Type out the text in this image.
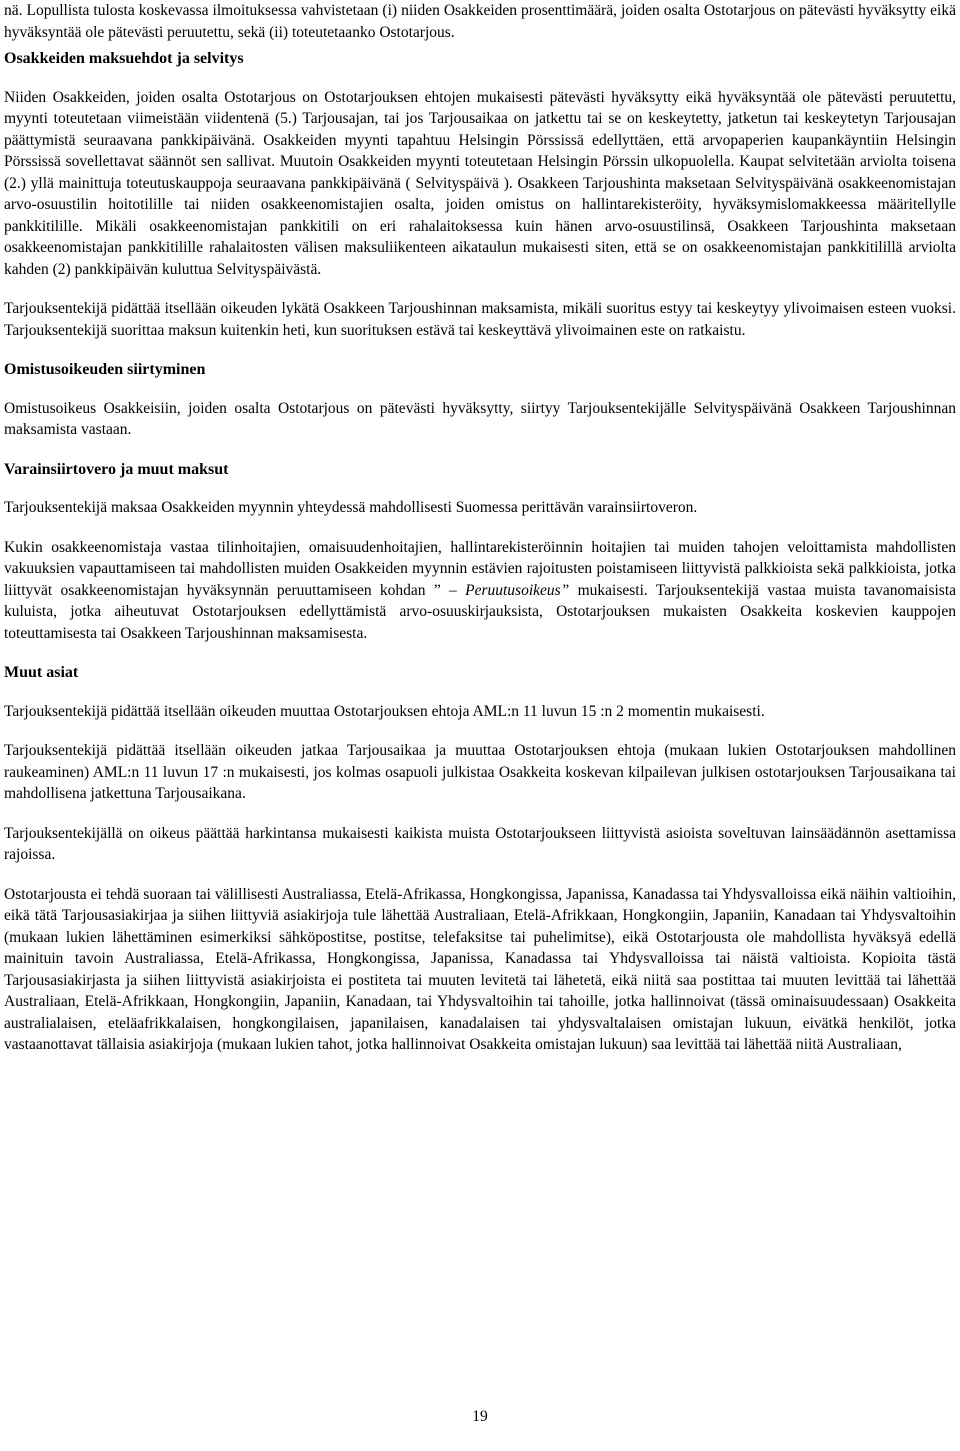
nä. Lopullista tulosta koskevassa ilmoituksessa vahvistetaan (i) niiden Osakkeiden prosenttimäärä, joiden osalta Ostotarjous on pätevästi hyväksytty eikä hyväksyntää ole pätevästi peruutettu, sekä (ii) toteutetaanko Ostotarjous.

Osakkeiden maksuehdot ja selvitys

Niiden Osakkeiden, joiden osalta Ostotarjous on Ostotarjouksen ehtojen mukaisesti pätevästi hyväksytty eikä hyväksyntää ole pätevästi peruutettu, myynti toteutetaan viimeistään viidentenä (5.) Tarjousajan, tai jos Tarjousaikaa on jatkettu tai se on keskeytetty, jatketun tai keskeytetyn Tarjousajan päättymistä seuraavana pankkipäivänä. Osakkeiden myynti tapahtuu Helsingin Pörssissä edellyttäen, että arvopaperien kaupankäyntiin Helsingin Pörssissä sovellettavat säännöt sen sallivat. Muutoin Osakkeiden myynti toteutetaan Helsingin Pörssin ulkopuolella. Kaupat selvitetään arviolta toisena (2.) yllä mainittuja toteutuskauppoja seuraavana pankkipäivänä ( Selvityspäivä ). Osakkeen Tarjoushinta maksetaan Selvityspäivänä osakkeenomistajan arvo-osuustilin hoitotilille tai niiden osakkeenomistajien osalta, joiden omistus on hallintarekisteröity, hyväksymislomakkeessa määritellylle pankkitilille. Mikäli osakkeenomistajan pankkitili on eri rahalaitoksessa kuin hänen arvo-osuustilinsä, Osakkeen Tarjoushinta maksetaan osakkeenomistajan pankkitilille rahalaitosten välisen maksuliikenteen aikataulun mukaisesti siten, että se on osakkeenomistajan pankkitilillä arviolta kahden (2) pankkipäivän kuluttua Selvityspäivästä.

Tarjouksentekijä pidättää itsellään oikeuden lykätä Osakkeen Tarjoushinnan maksamista, mikäli suoritus estyy tai keskeytyy ylivoimaisen esteen vuoksi. Tarjouksentekijä suorittaa maksun kuitenkin heti, kun suorituksen estävä tai keskeyttävä ylivoimainen este on ratkaistu.

Omistusoikeuden siirtyminen

Omistusoikeus Osakkeisiin, joiden osalta Ostotarjous on pätevästi hyväksytty, siirtyy Tarjouksentekijälle Selvityspäivänä Osakkeen Tarjoushinnan maksamista vastaan.

Varainsiirtovero ja muut maksut

Tarjouksentekijä maksaa Osakkeiden myynnin yhteydessä mahdollisesti Suomessa perittävän varainsiirtoveron.

Kukin osakkeenomistaja vastaa tilinhoitajien, omaisuudenhoitajien, hallintarekisteröinnin hoitajien tai muiden tahojen veloittamista mahdollisten vakuuksien vapauttamiseen tai mahdollisten muiden Osakkeiden myynnin estävien rajoitusten poistamiseen liittyvistä palkkioista sekä palkkioista, jotka liittyvät osakkeenomistajan hyväksynnän peruuttamiseen kohdan ” – Peruutusoikeus” mukaisesti. Tarjouksentekijä vastaa muista tavanomaisista kuluista, jotka aiheutuvat Ostotarjouksen edellyttämistä arvo-osuuskirjauksista, Ostotarjouksen mukaisten Osakkeita koskevien kauppojen toteuttamisesta tai Osakkeen Tarjoushinnan maksamisesta.

Muut asiat

Tarjouksentekijä pidättää itsellään oikeuden muuttaa Ostotarjouksen ehtoja AML:n 11 luvun 15 :n 2 momentin mukaisesti.

Tarjouksentekijä pidättää itsellään oikeuden jatkaa Tarjousaikaa ja muuttaa Ostotarjouksen ehtoja (mukaan lukien Ostotarjouksen mahdollinen raukeaminen) AML:n 11 luvun 17 :n mukaisesti, jos kolmas osapuoli julkistaa Osakkeita koskevan kilpailevan julkisen ostotarjouksen Tarjousaikana tai mahdollisena jatkettuna Tarjousaikana.

Tarjouksentekijällä on oikeus päättää harkintansa mukaisesti kaikista muista Ostotarjoukseen liittyvistä asioista soveltuvan lainsäädännön asettamissa rajoissa.

Ostotarjousta ei tehdä suoraan tai välillisesti Australiassa, Etelä-Afrikassa, Hongkongissa, Japanissa, Kanadassa tai Yhdysvalloissa eikä näihin valtioihin, eikä tätä Tarjousasiakirjaa ja siihen liittyviä asiakirjoja tule lähettää Australiaan, Etelä-Afrikkaan, Hongkongiin, Japaniin, Kanadaan tai Yhdysvaltoihin (mukaan lukien lähettäminen esimerkiksi sähköpostitse, postitse, telefaksitse tai puhelimitse), eikä Ostotarjousta ole mahdollista hyväksyä edellä mainituin tavoin Australiassa, Etelä-Afrikassa, Hongkongissa, Japanissa, Kanadassa tai Yhdysvalloissa tai näistä valtioista. Kopioita tästä Tarjousasiakirjasta ja siihen liittyvistä asiakirjoista ei postiteta tai muuten levitetä tai lähetetä, eikä niitä saa postittaa tai muuten levittää tai lähettää Australiaan, Etelä-Afrikkaan, Hongkongiin, Japaniin, Kanadaan, tai Yhdysvaltoihin tai tahoille, jotka hallinnoivat (tässä ominaisuudessaan) Osakkeita australialaisen, eteläafrikkalaisen, hongkongilaisen, japanilaisen, kanadalaisen tai yhdysvaltalaisen omistajan lukuun, eivätkä henkilöt, jotka vastaanottavat tällaisia asiakirjoja (mukaan lukien tahot, jotka hallinnoivat Osakkeita omistajan lukuun) saa levittää tai lähettää niitä Australiaan,

19
